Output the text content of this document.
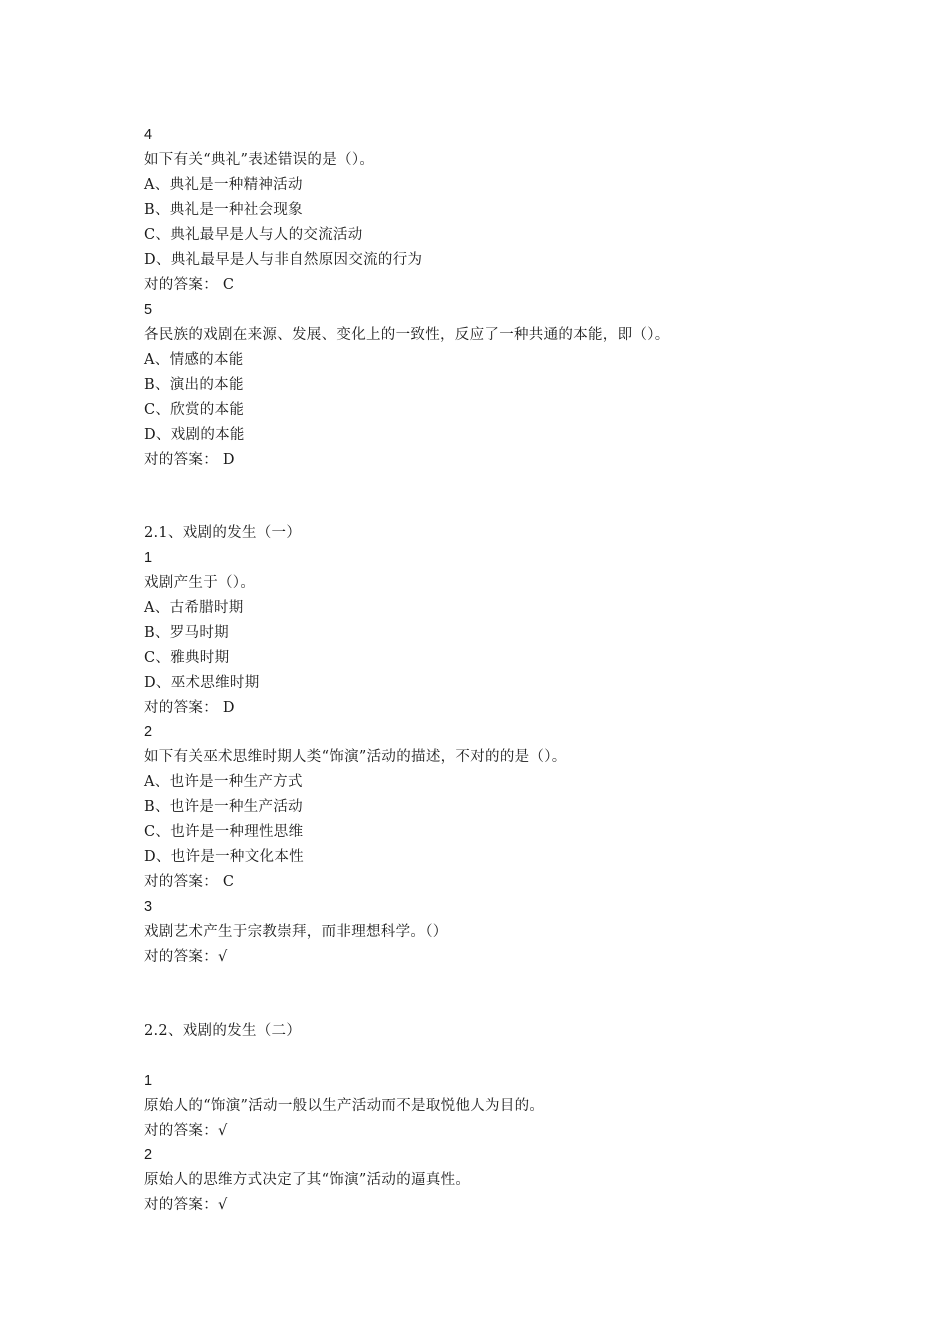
4
如下有关“典礼”表述错误的是（）。
A、典礼是一种精神活动
B、典礼是一种社会现象
C、典礼最早是人与人的交流活动
D、典礼最早是人与非自然原因交流的行为
对的答案： C
5
各民族的戏剧在来源、发展、变化上的一致性，反应了一种共通的本能，即（）。
A、情感的本能
B、演出的本能
C、欣赏的本能
D、戏剧的本能
对的答案： D
2.1、戏剧的发生（一）
1
戏剧产生于（）。
A、古希腊时期
B、罗马时期
C、雅典时期
D、巫术思维时期
对的答案： D
2
如下有关巫术思维时期人类“饰演”活动的描述，不对的的是（）。
A、也许是一种生产方式
B、也许是一种生产活动
C、也许是一种理性思维
D、也许是一种文化本性
对的答案： C
3
戏剧艺术产生于宗教崇拜，而非理想科学。（）
对的答案：√
2.2、戏剧的发生（二）
1
原始人的“饰演”活动一般以生产活动而不是取悦他人为目的。
对的答案：√
2
原始人的思维方式决定了其“饰演”活动的逼真性。
对的答案：√
